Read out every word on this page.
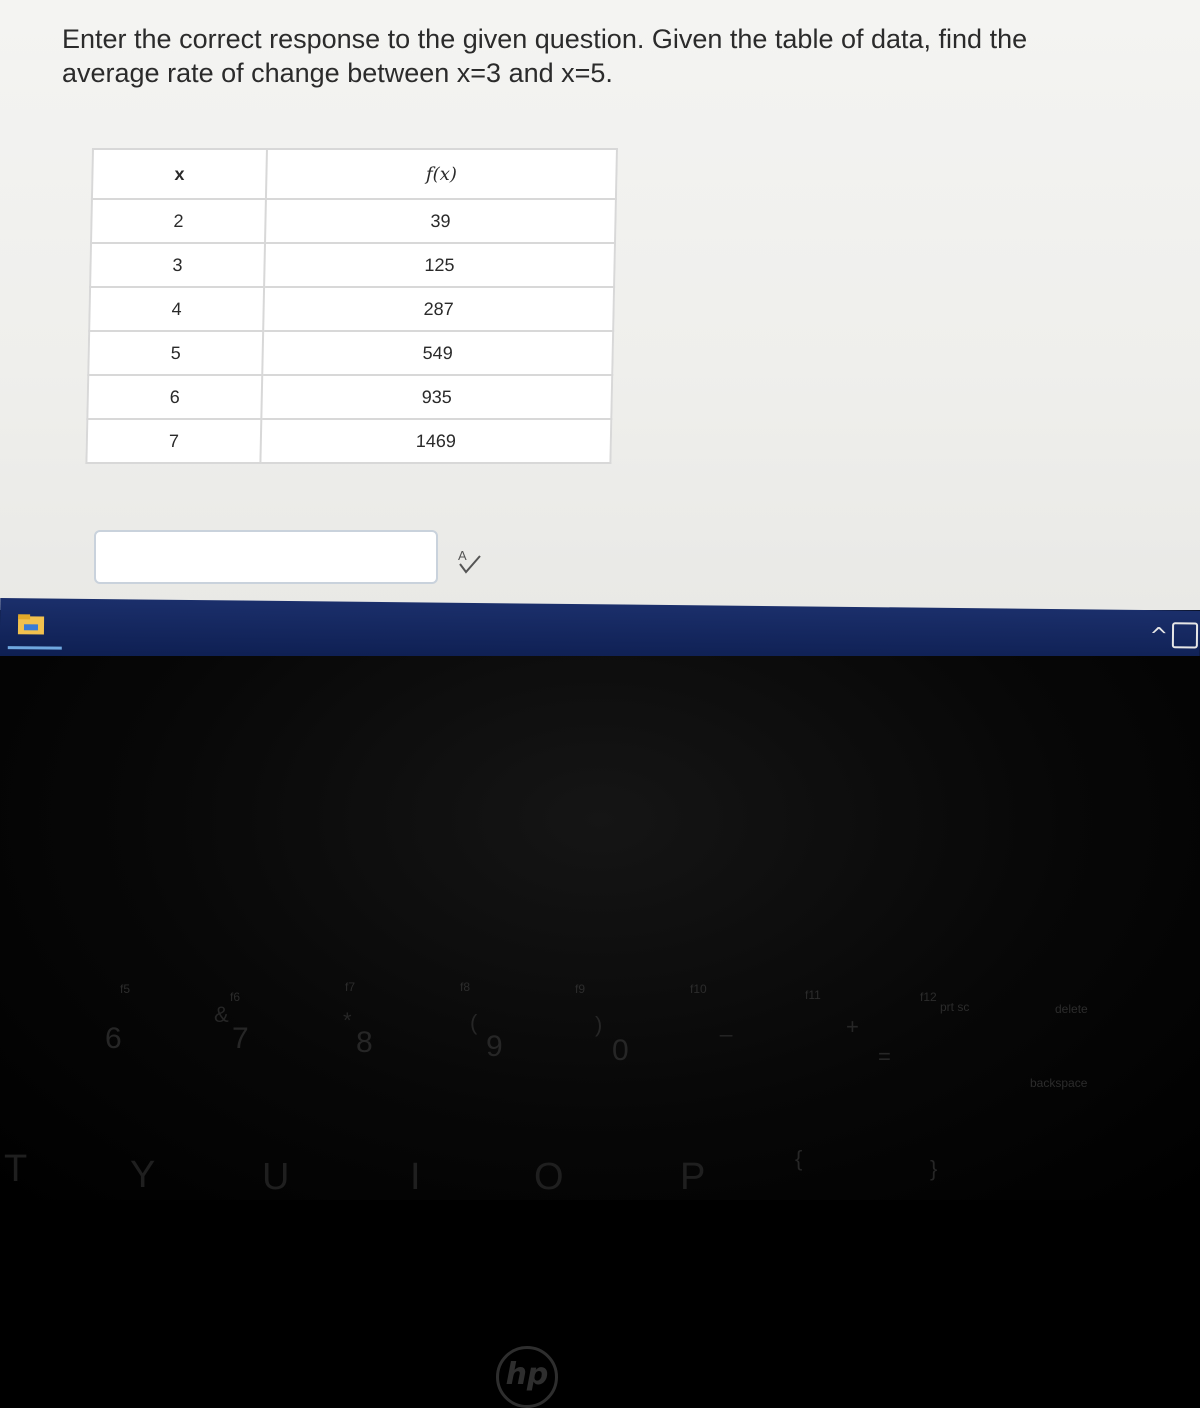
Enter the correct response to the given question. Given the table of data, find the average rate of change between x=3 and x=5.
x	f(x)
2	39
3	125
4	287
5	549
6	935
7	1469
A
^
hp
f5
f6
f7	f8	f9	f10	f11	f12
prt sc	delete
6	7	8	9	0
&	*	(	)	_	+
=
backspace
T	Y	U	I	O	P	{	}
